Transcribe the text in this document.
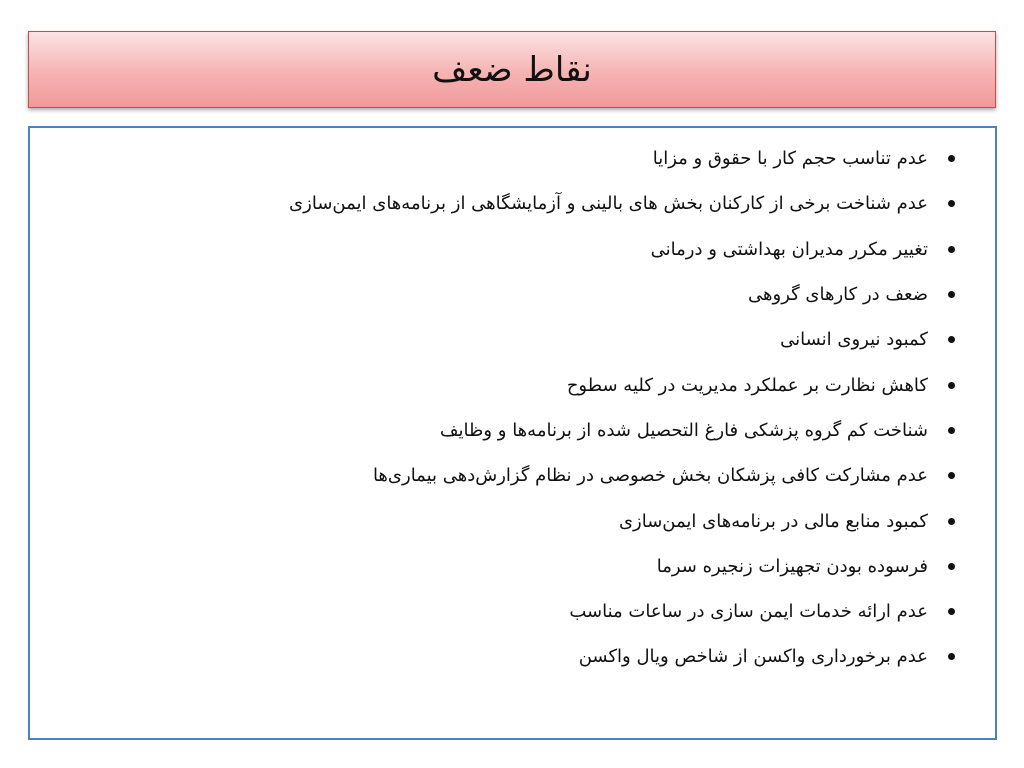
نقاط ضعف
عدم تناسب حجم کار با حقوق و مزایا
عدم شناخت برخی از کارکنان بخش های بالینی و آزمایشگاهی از برنامه‌های ایمن‌سازی
تغییر مکرر مدیران بهداشتی و درمانی
ضعف در کارهای گروهی
کمبود نیروی انسانی
کاهش نظارت بر عملکرد مدیریت در کلیه سطوح
شناخت کم گروه پزشکی فارغ التحصیل شده از برنامه‌ها و وظایف
عدم مشارکت کافی پزشکان بخش خصوصی در نظام گزارش‌دهی بیماری‌ها
کمبود منابع مالی در برنامه‌های ایمن‌سازی
فرسوده بودن تجهیزات زنجیره سرما
عدم ارائه خدمات ایمن سازی در ساعات مناسب
عدم برخورداری واکسن از شاخص ویال واکسن
